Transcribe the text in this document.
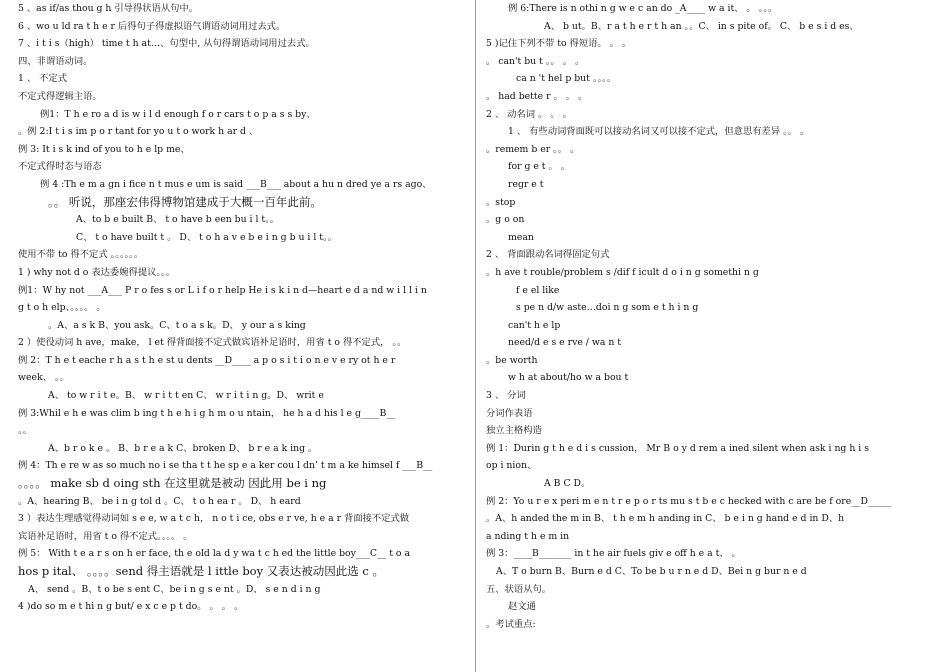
5 、as if/as thou g h 引导得状语从句中。
6 、wo u ld ra t h e r 后得句子得虚拟语气谓语动词用过去式。
7 、i t i s（high） time t h at…、句型中, 从句得谓语动词用过去式。
四、非谓语动词。
1 、 不定式
不定式得逻辑主语。
例1：T h e ro a d is w i l d enough f o r cars t o p a s s by、
。例 2:I t i s im p o r tant for yo u t o work h ar d 、
例 3: It i s k ind of you to h e lp me、
不定式得时态与语态
例 4 :Th e m a gn i fice n t mus e um is said ___B___ about a hu n dred ye a rs ago、
。。 听说，那座宏伟得博物馆建成于大概一百年此前。
A、to b e built B、 t o have b een bu i l t。。
C、 t o have built t 。 D、 t o h a v e b e i n g b u i l t。。
使用不带 to 得不定式 。。。。。。
1 ) why not d o 表达委婉得提议。。。
例1：W hy not ___A___ P r o fes s or L i f o r help He i s k i n d—heart e d a nd w i l l i n
g t o h elp、。。。。 。
。A、a s k B、you ask。C、t o a s k。D、 y our a s king
2 ）使役动词 h ave，make， l et 得背面接不定式做宾语补足语时，用省 t o 得不定式， 。。
例 2：T h e t eache r h a s t h e st u dents __D____ a p o s i t i o n e v e ry ot h e r
week、 。。
A、 to w r i t e。B、 w r i t t en C、 w r i t i n g。D、 writ e
例 3:Whil e h e was clim b ing t h e h i g h m o u ntain， he h a d his l e g____B__
。。
A、b r o k e 。 B、b r e a k C、broken D、 b r e a k ing 。
例 4：Th e re w as so much no i se tha t t he sp e a ker cou l dn’ t m a ke himsel f ___B__
。。。。 make sb d oing sth 在这里就是被动 因此用 be i ng
。A、hearing B、 be i n g tol d 。C、 t o h ea r 。 D、 h eard
3 ）表达生理感觉得动词如 s e e, w a t c h， n o t i ce, obs e r ve, h e a r 背面接不定式做
宾语补足语时，用省 t o 得不定式。。。。 。
例 5： With t e a r s on h er face, th e old la d y wa t c h ed the little boy___C__ t o a
hos p ital、 。。。。send 得主语就是 l ittle boy 又表达被动因此选 c 。
A、 send 。B、t o be s ent C、be i n g s e nt 。D、 s e n d i n g
4 )do so m e t hi n g but/ e x c e p t do。 。 。 。
例 6:There is n othi n g w e c an do _A____ w a it、 。 。。。
A、 b ut。B、r a t h e r t h an 。。C、 in s pite of。 C、 b e s i d es、
5 )记住下列不带 to 得短语。 。 。
。 can't bu t 。。 。 。
ca n 't hel p but 。。。。
。 had bette r 。 。 。
2 、 动名词 。 。 。
1 、 有些动词背面既可以接动名词又可以接不定式，但意思有差异 。。 。
。remem b er 。。 。
for g e t 。 。
regr e t
。stop
。g o on
mean
2 、 背面跟动名词得固定句式
。h ave t rouble/problem s /dif f icult d o i n g somethi n g
f e el like
s pe n d/w aste…doi n g som e t h i n g
can't h e lp
need/d e s e rve / wa n t
。be worth
w h at about/ho w a bou t
3 、 分词
分词作表语
独立主格构造
例 1：Durin g t h e d i s cussion， Mr B o y d rem a ined silent when ask i ng h i s
op i nion、
A B C D。
例 2：Yo u r e x peri m e n t r e p o r ts mu s t b e c hecked with c are be f ore__D_____
。A、h anded the m in B、 t h e m h anding in C、 b e i n g hand e d in D、h
a nding t h e m in
例 3：____B_______ in t he air fuels giv e off h e a t、 。
A、T o burn B、Burn e d C、To be b u r n e d D、Bei n g bur n e d
五、状语从句。
赵文通
。考试重点:
